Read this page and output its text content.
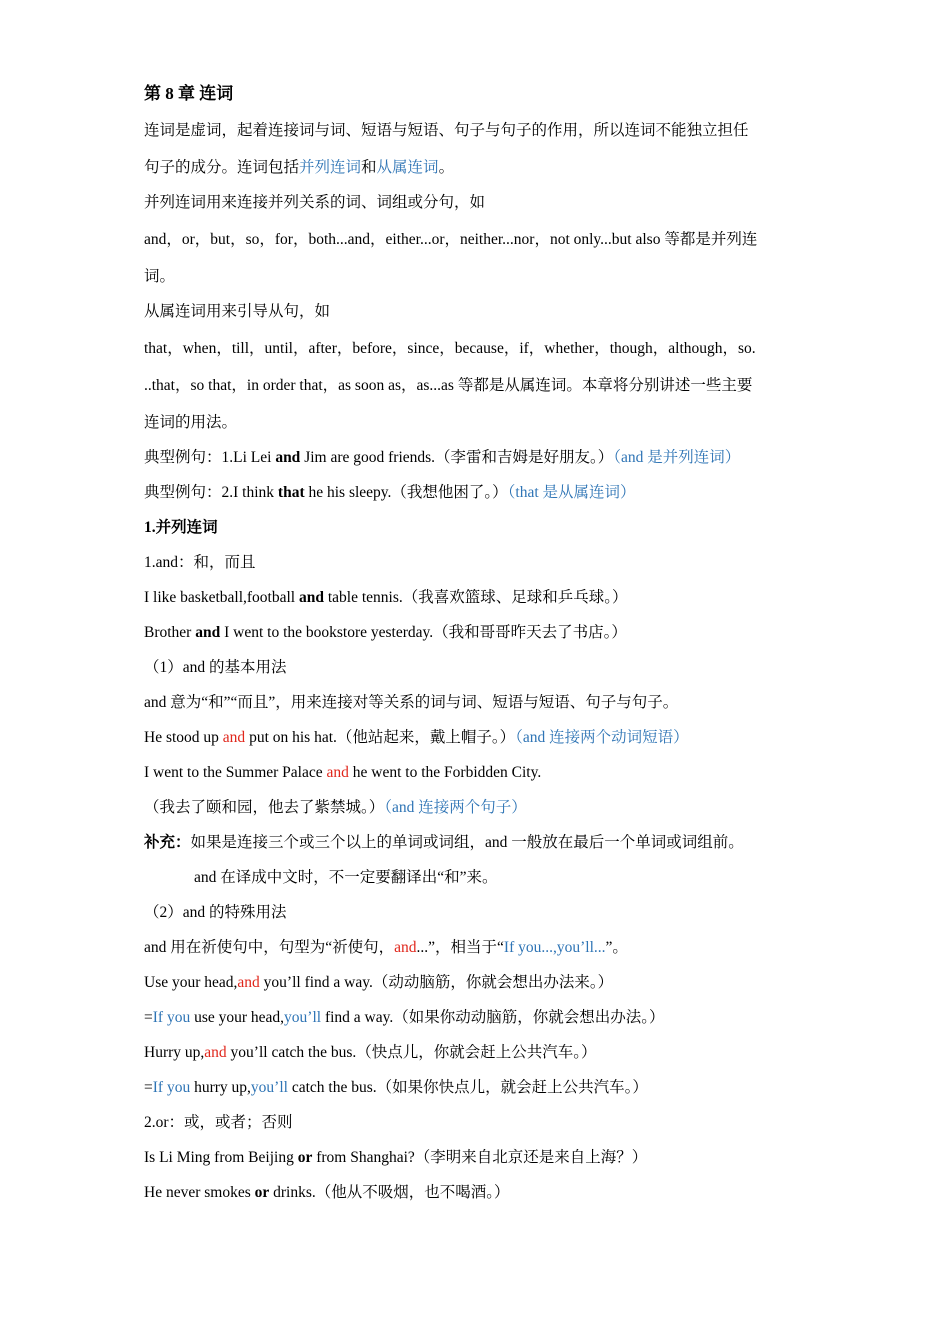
第 8 章 连词
连词是虚词，起着连接词与词、短语与短语、句子与句子的作用，所以连词不能独立担任
句子的成分。连词包括并列连词和从属连词。
并列连词用来连接并列关系的词、词组或分句，如
and，or，but，so，for，both...and，either...or，neither...nor，not only...but also 等都是并列连
词。
从属连词用来引导从句，如
that，when，till，until，after，before，since，because，if，whether，though，although，so.
..that，so that，in order that，as soon as，as...as 等都是从属连词。本章将分别讲述一些主要
连词的用法。
典型例句：1.Li Lei and Jim are good friends.（李雷和吉姆是好朋友。）（and 是并列连词）
典型例句：2.I think that he his sleepy.（我想他困了。）（that 是从属连词）
1.并列连词
1.and：和，而且
I like basketball,football and table tennis.（我喜欢篮球、足球和乒乓球。）
Brother and I went to the bookstore yesterday.（我和哥哥昨天去了书店。）
（1）and 的基本用法
and 意为“和”“而且”，用来连接对等关系的词与词、短语与短语、句子与句子。
He stood up and put on his hat.（他站起来，戴上帽子。）（and 连接两个动词短语）
I went to the Summer Palace and he went to the Forbidden City.
（我去了颐和园，他去了紫禁城。）（and 连接两个句子）
补充：如果是连接三个或三个以上的单词或词组，and 一般放在最后一个单词或词组前。
and 在译成中文时，不一定要翻译出“和”来。
（2）and 的特殊用法
and 用在祈使句中，句型为“祈使句，and...”，相当于“If you...,you’ll...”。
Use your head,and you’ll find a way.（动动脑筋，你就会想出办法来。）
=If you use your head,you’ll find a way.（如果你动动脑筋，你就会想出办法。）
Hurry up,and you’ll catch the bus.（快点儿，你就会赶上公共汽车。）
=If you hurry up,you’ll catch the bus.（如果你快点儿，就会赶上公共汽车。）
2.or：或，或者；否则
Is Li Ming from Beijing or from Shanghai?（李明来自北京还是来自上海？）
He never smokes or drinks.（他从不吸烟，也不喝酒。）
